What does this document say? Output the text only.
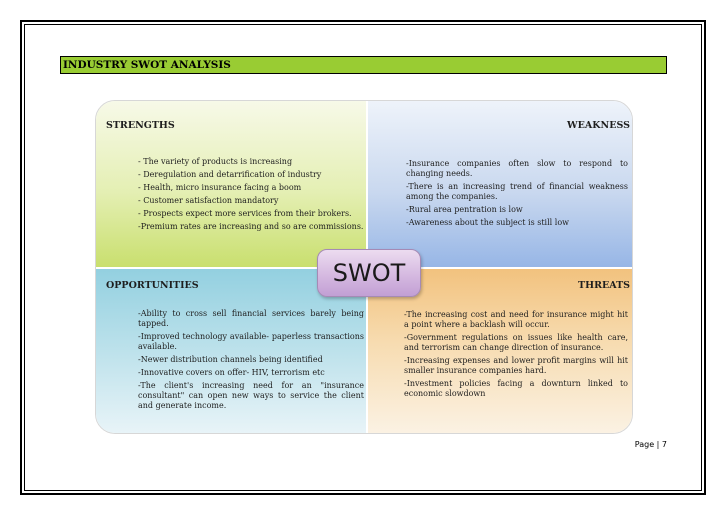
INDUSTRY SWOT ANALYSIS
STRENGTHS
- The variety of products is increasing
- Deregulation and detarrification of industry
- Health, micro insurance facing a boom
- Customer satisfaction mandatory
- Prospects expect more services from their brokers.
-Premium rates are increasing and so are commissions.
WEAKNESS
-Insurance companies often slow to respond to changing needs.
-There is an increasing trend of financial weakness among the companies.
-Rural area pentration is low
-Awareness about the subject is still low
OPPORTUNITIES
-Ability to cross sell financial services barely being tapped.
-Improved technology available- paperless transactions available.
-Newer distribution channels being identified
-Innovative covers on offer- HIV, terrorism etc
-The client's increasing need for an "insurance consultant" can open new ways to service the client and generate income.
THREATS
-The increasing cost and need for insurance might hit a point where a backlash will occur.
-Government regulations on issues like health care, and terrorism can change direction of insurance.
-Increasing expenses and lower profit margins will hit smaller insurance companies hard.
-Investment policies facing a downturn linked to economic slowdown
SWOT
Page | 7
